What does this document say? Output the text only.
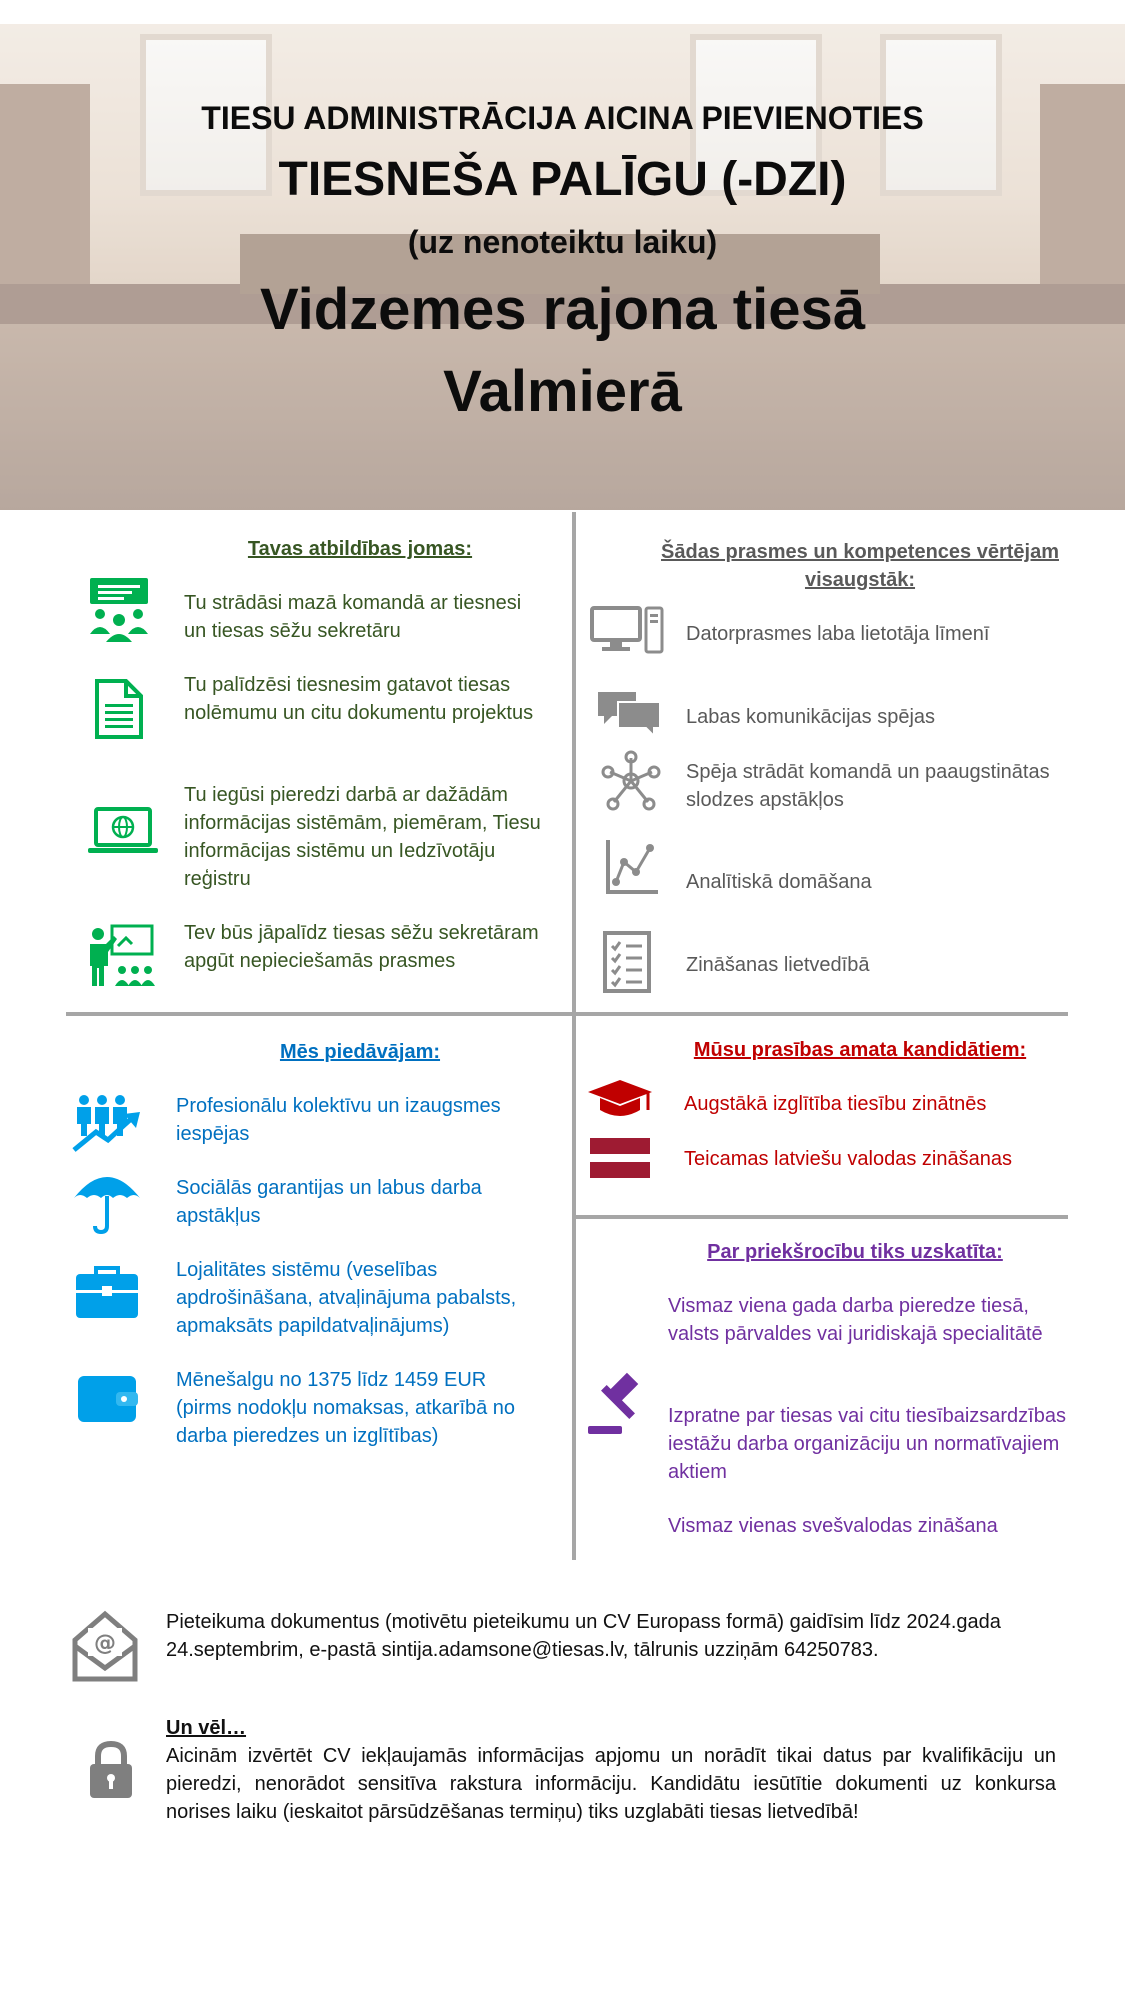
TIESU ADMINISTRĀCIJA AICINA PIEVIENOTIES
TIESNEŠA PALĪGU (-DZI)
(uz nenoteiktu laiku)
Vidzemes rajona tiesā
Valmierā
Tavas atbildības jomas:
Tu strādāsi mazā komandā ar tiesnesi un tiesas sēžu sekretāru
Tu palīdzēsi tiesnesim gatavot tiesas nolēmumu un citu dokumentu projektus
Tu iegūsi pieredzi darbā ar dažādām informācijas sistēmām, piemēram, Tiesu informācijas sistēmu un Iedzīvotāju reģistru
Tev būs jāpalīdz tiesas sēžu sekretāram apgūt nepieciešamās prasmes
Šādas prasmes un kompetences vērtējam visaugstāk:
Datorprasmes laba lietotāja līmenī
Labas komunikācijas spējas
Spēja strādāt komandā un paaugstinātas slodzes apstākļos
Analītiskā domāšana
Zināšanas lietvedībā
Mēs piedāvājam:
Profesionālu kolektīvu un izaugsmes iespējas
Sociālās garantijas un labus darba apstākļus
Lojalitātes sistēmu (veselības apdrošināšana, atvaļinājuma pabalsts, apmaksāts papildatvaļinājums)
Mēnešalgu no 1375 līdz 1459 EUR (pirms nodokļu nomaksas, atkarībā no darba pieredzes un izglītības)
Mūsu prasības amata kandidātiem:
Augstākā izglītība tiesību zinātnēs
Teicamas latviešu valodas zināšanas
Par priekšrocību tiks uzskatīta:
Vismaz viena gada darba pieredze tiesā, valsts pārvaldes vai juridiskajā specialitātē
Izpratne par tiesas vai citu tiesībaizsardzības iestāžu darba organizāciju un normatīvajiem aktiem
Vismaz vienas svešvalodas zināšana
@
Pieteikuma dokumentus (motivētu pieteikumu un CV Europass formā) gaidīsim līdz 2024.gada 24.septembrim, e-pastā sintija.adamsone@tiesas.lv, tālrunis uzziņām 64250783.
Un vēl…
Aicinām izvērtēt CV iekļaujamās informācijas apjomu un norādīt tikai datus par kvalifikāciju un pieredzi, nenorādot sensitīva rakstura informāciju. Kandidātu iesūtītie dokumenti uz konkursa norises laiku (ieskaitot pārsūdzēšanas termiņu) tiks uzglabāti tiesas lietvedībā!
